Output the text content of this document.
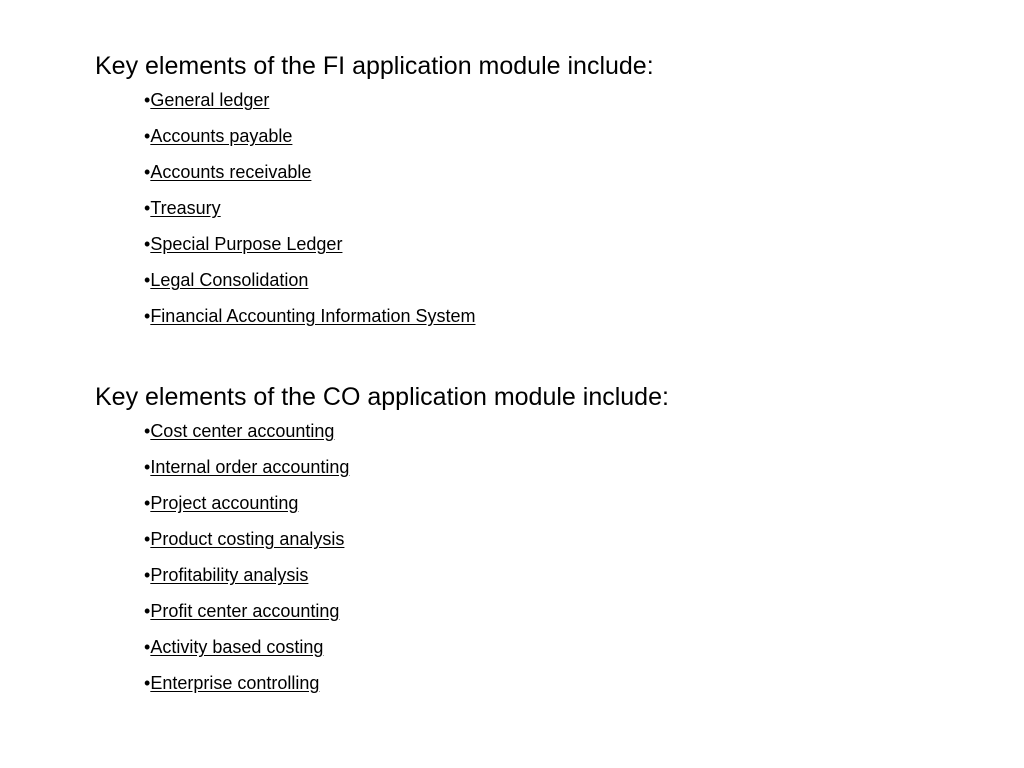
Key elements of the FI application module include:
•General ledger
•Accounts payable
•Accounts receivable
•Treasury
•Special Purpose Ledger
•Legal Consolidation
•Financial Accounting Information System
Key elements of the CO application module include:
•Cost center accounting
•Internal order accounting
•Project accounting
•Product costing analysis
•Profitability analysis
•Profit center accounting
•Activity based costing
•Enterprise controlling
